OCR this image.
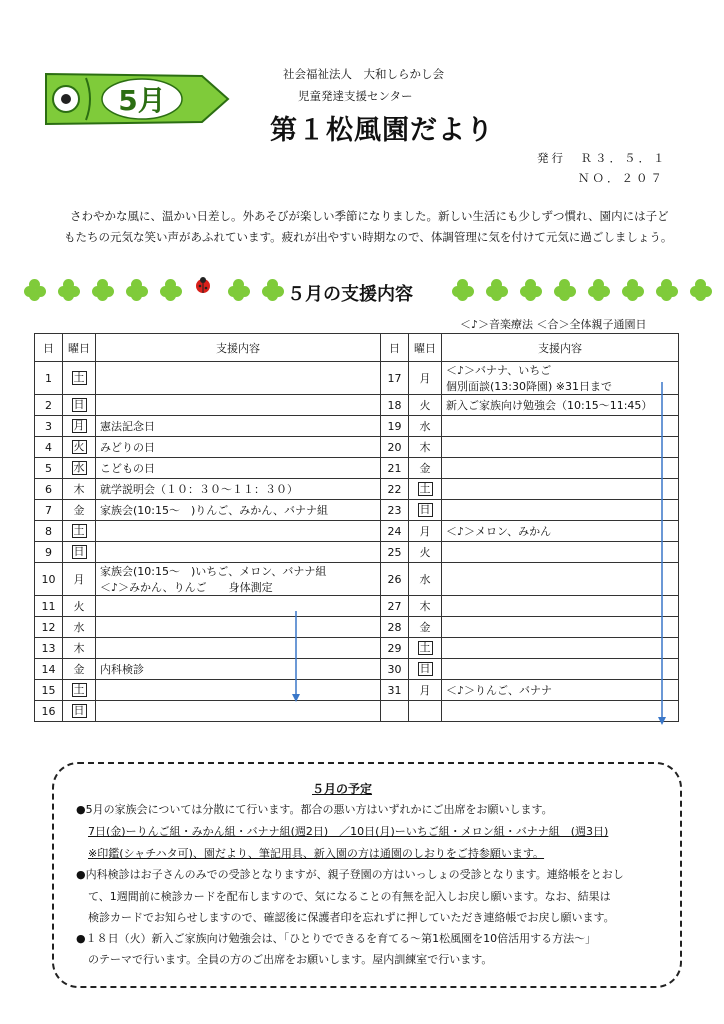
5月
社会福祉法人　大和しらかし会
児童発達支援センター
第１松風園だより
発行　Ｒ３．５．１
ＮＯ．２０７
さわやかな風に、温かい日差し。外あそびが楽しい季節になりました。新しい生活にも少しずつ慣れ、園内には子どもたちの元気な笑い声があふれています。疲れが出やすい時期なので、体調管理に気を付けて元気に過ごしましょう。
５月の支援内容
＜♪＞音楽療法 ＜合＞全体親子通園日
日	曜日	支援内容	日	曜日	支援内容
1	土		17	月	＜♪＞バナナ、いちご
個別面談(13:30降園) ※31日まで

2	日		18	火	新入ご家族向け勉強会（10:15〜11:45）

3	月	憲法記念日	19	水	

4	火	みどりの日	20	木	

5	水	こどもの日	21	金	

6	木	就学説明会（１０：３０〜１１：３０）	22	土	

7	金	家族会(10:15〜　)りんご、みかん、バナナ組	23	日	

8	土		24	月	＜♪＞メロン、みかん

9	日		25	火	

10	月	家族会(10:15〜　)いちご、メロン、バナナ組
＜♪＞みかん、りんご　　身体測定	26	水	

11	火		27	木	

12	水		28	金	

13	木		29	土	

14	金	内科検診	30	日	

15	土		31	月	＜♪＞りんご、バナナ

16	日	

５月の予定
●5月の家族会については分散にて行います。都合の悪い方はいずれかにご出席をお願いします。
7日(金)ーりんご組・みかん組・バナナ組(週2日)　／10日(月)ーいちご組・メロン組・バナナ組　(週3日)
※印鑑(シャチハタ可)、園だより、筆記用具、新入園の方は通園のしおりをご持参願います。
●内科検診はお子さんのみでの受診となりますが、親子登園の方はいっしょの受診となります。連絡帳をとおし
て、1週間前に検診カードを配布しますので、気になることの有無を記入しお戻し願います。なお、結果は
検診カードでお知らせしますので、確認後に保護者印を忘れずに押していただき連絡帳でお戻し願います。
●１８日（火）新入ご家族向け勉強会は、「ひとりでできるを育てる〜第1松風園を10倍活用する方法〜」
のテーマで行います。全員の方のご出席をお願いします。屋内訓練室で行います。
